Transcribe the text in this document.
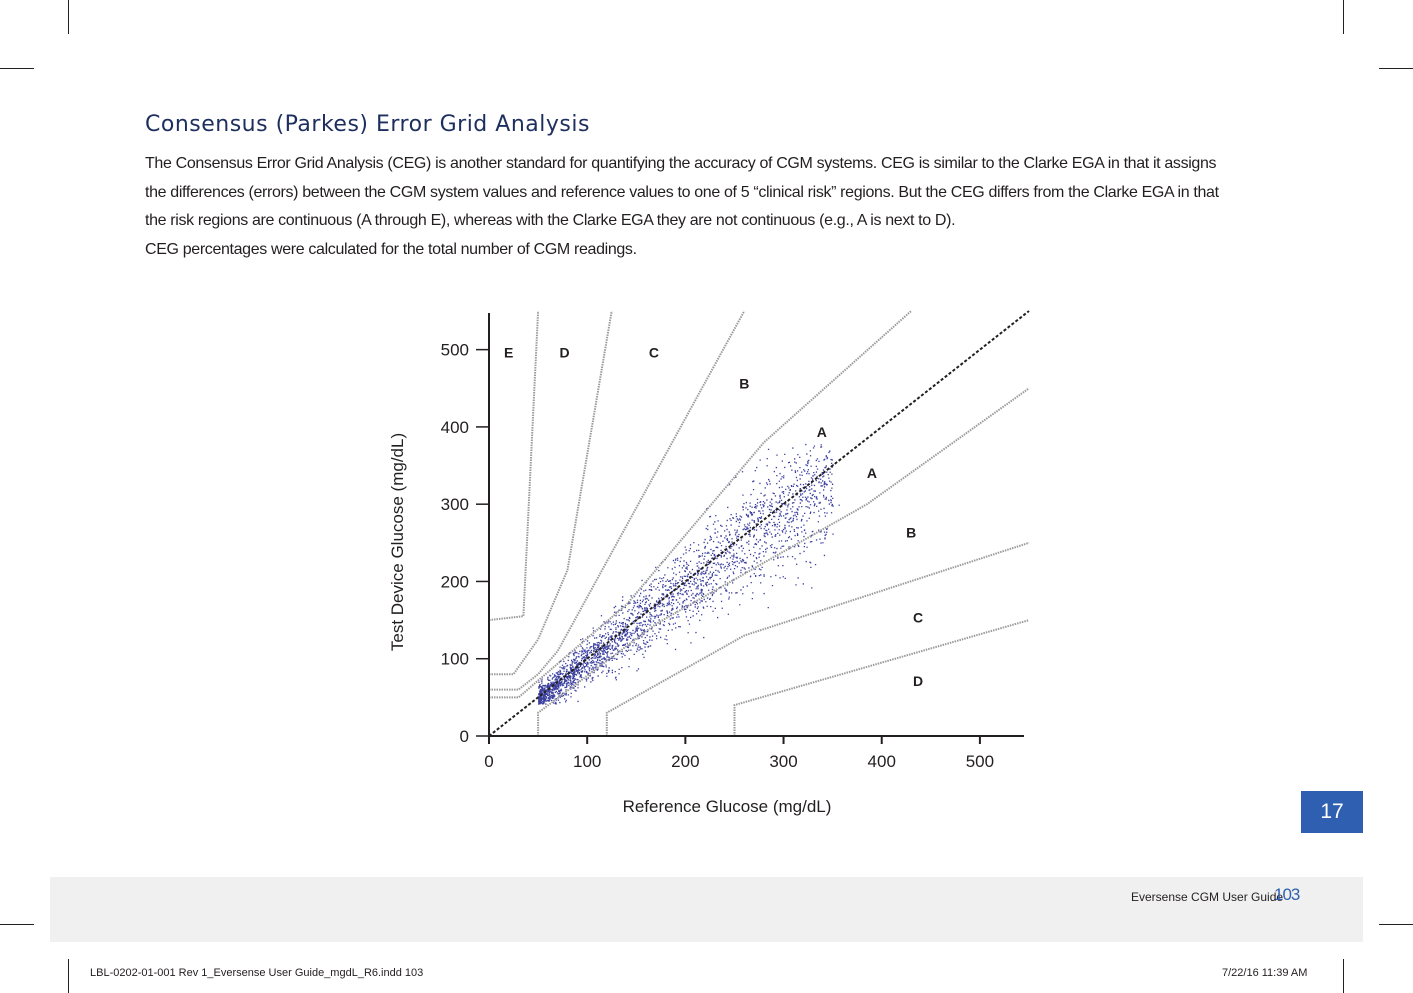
Consensus (Parkes) Error Grid Analysis

The Consensus Error Grid Analysis (CEG) is another standard for quantifying the accuracy of CGM systems. CEG is similar to the Clarke EGA in that it assigns the differences (errors) between the CGM system values and reference values to one of 5 “clinical risk” regions. But the CEG differs from the Clarke EGA in that the risk regions are continuous (A through E), whereas with the Clarke EGA they are not continuous (e.g., A is next to D).

CEG percentages were calculated for the total number of CGM readings.

0	100	200	300	400	500
0
100
200
300
400
500 E	D	C
B
A
A
B
C
D
Reference Glucose (mg/dL)
Test Device Glucose (mg/dL)
17
Eversense CGM User Guide
103
LBL-0202-01-001 Rev 1_Eversense User Guide_mgdL_R6.indd 103	7/22/16 11:39 AM
